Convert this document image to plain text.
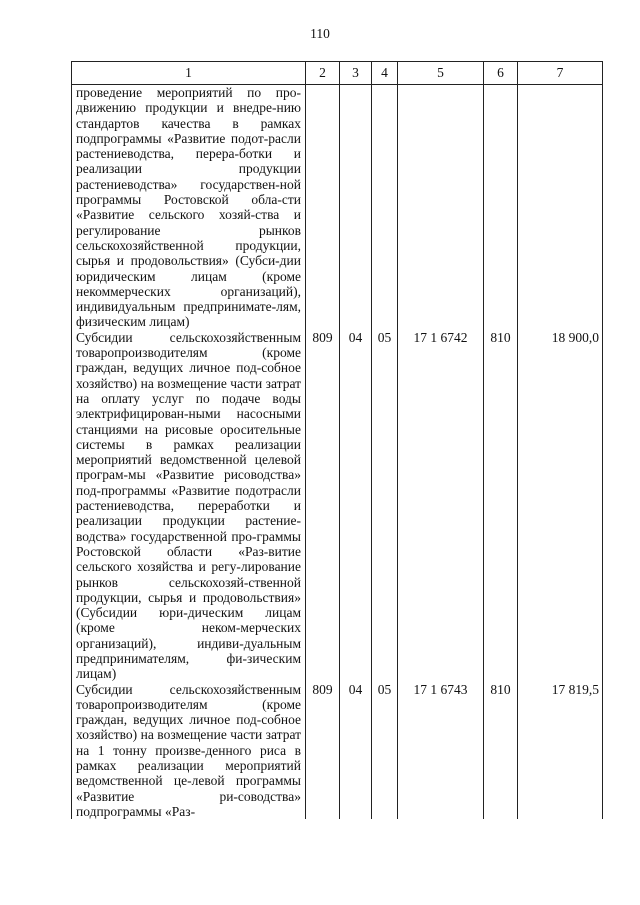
110
1	2	3	4	5	6	7
проведение мероприятий по про-движению продукции и внедре-нию стандартов качества в рамках подпрограммы «Развитие подот-расли растениеводства, перера-ботки и реализации продукции растениеводства» государствен-ной программы Ростовской обла-сти «Развитие сельского хозяй-ства и регулирование рынков сельскохозяйственной продукции, сырья и продовольствия» (Субси-дии юридическим лицам (кроме некоммерческих организаций), индивидуальным предпринимате-лям, физическим лицам)						
Субсидии сельскохозяйственным товаропроизводителям (кроме граждан, ведущих личное под-собное хозяйство) на возмещение части затрат на оплату услуг по подаче воды электрифицирован-ными насосными станциями на рисовые оросительные системы в рамках реализации мероприятий ведомственной целевой програм-мы «Развитие рисоводства» под-программы «Развитие подотрасли растениеводства, переработки и реализации продукции растение-водства» государственной про-граммы Ростовской области «Раз-витие сельского хозяйства и регу-лирование рынков сельскохозяй-ственной продукции, сырья и продовольствия» (Субсидии юри-дическим лицам (кроме неком-мерческих организаций), индиви-дуальным предпринимателям, фи-зическим лицам)	809	04	05	17 1 6742	810	18 900,0
Субсидии сельскохозяйственным товаропроизводителям (кроме граждан, ведущих личное под-собное хозяйство) на возмещение части затрат на 1 тонну произве-денного риса в рамках реализации мероприятий ведомственной це-левой программы «Развитие ри-соводства» подпрограммы «Раз-	809	04	05	17 1 6743	810	17 819,5
